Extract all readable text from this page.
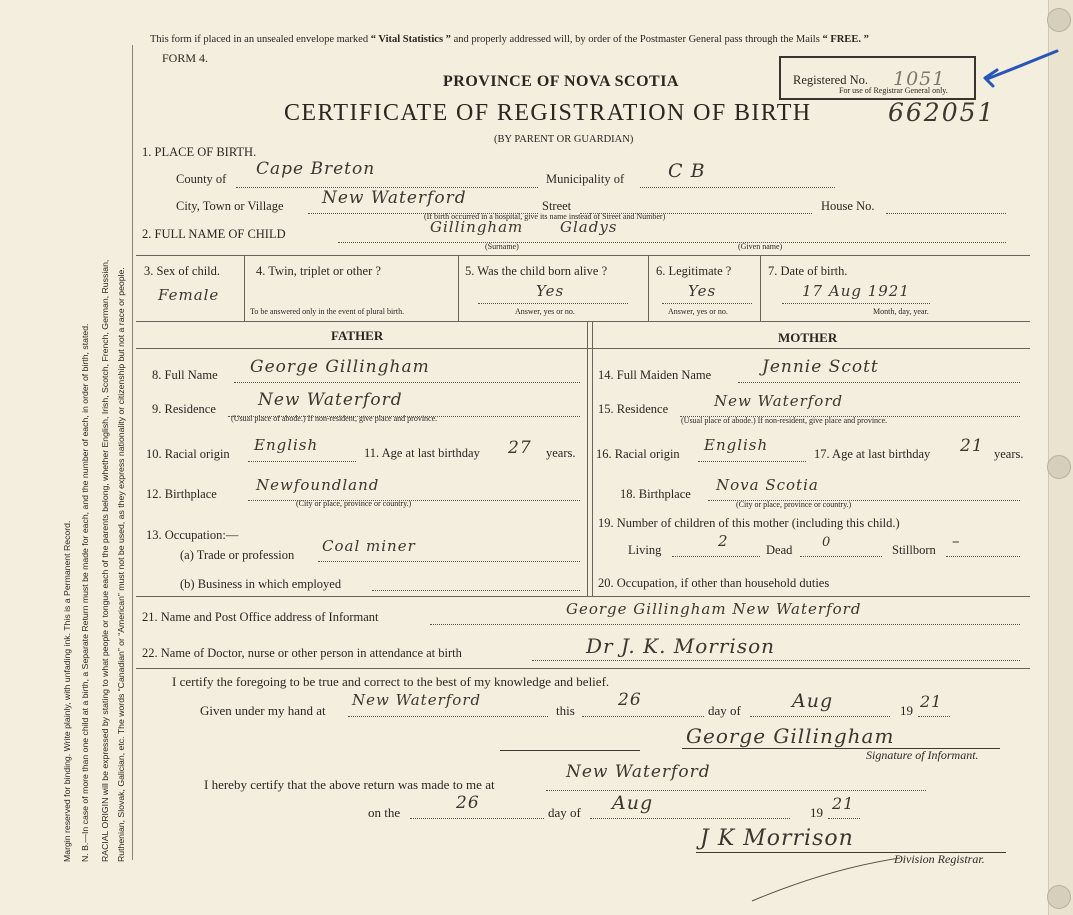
Margin reserved for binding. Write plainly, with unfading ink. This is a Permanent Record. N. B.—In case of more than one child at a birth, a Separate Return must be made for each, and the number of each, in order of birth, stated. RACIAL ORIGIN will be expressed by stating to what people or tongue each of the parents belong, whether English, Irish, Scotch, French, German, Russian, Ruthenian, Slovak, Galician, etc. The words “Canadian” or “American” must not be used, as they express nationality or citizenship but not a race or people.
This form if placed in an unsealed envelope marked “ Vital Statistics ” and properly addressed will, by order of the Postmaster General pass through the Mails “ FREE. ”
FORM 4.
Registered No. 1051
For use of Registrar General only.
PROVINCE OF NOVA SCOTIA
CERTIFICATE OF REGISTRATION OF BIRTH	662051
(BY PARENT OR GUARDIAN)
1. PLACE OF BIRTH.
County of Cape Breton	Municipality of C B
City, Town or Village New Waterford	Street	House No.
(If birth occurred in a hospital, give its name instead of Street and Number)
2. FULL NAME OF CHILD	Gillingham Gladys
(Surname)	(Given name)
3. Sex of child.
Female
4. Twin, triplet or other ?
To be answered only in the event of plural birth.
5. Was the child born alive ?
Yes
Answer, yes or no.
6. Legitimate ?
Yes
Answer, yes or no.
7. Date of birth.
17 Aug 1921
Month, day, year.
FATHER	MOTHER
8. Full Name George Gillingham
9. Residence New Waterford
(Usual place of abode.) If non-resident, give place and province.
10. Racial origin English	11. Age at last birthday 27 years.
12. Birthplace	Newfoundland
(City or place, province or country.)
13. Occupation:—
(a) Trade or profession Coal miner
(b) Business in which employed
14. Full Maiden Name	Jennie Scott
15. Residence	New Waterford
(Usual place of abode.) If non-resident, give place and province.
16. Racial origin English	17. Age at last birthday 21 years.
18. Birthplace Nova Scotia
(City or place, province or country.)
19. Number of children of this mother (including this child.)
Living	2	Dead 0	Stillborn –
20. Occupation, if other than household duties
21. Name and Post Office address of Informant	George Gillingham New Waterford
22. Name of Doctor, nurse or other person in attendance at birth	Dr J. K. Morrison
I certify the foregoing to be true and correct to the best of my knowledge and belief.
Given under my hand at
New Waterford
this
26
day of	Aug	19 21
George Gillingham
Signature of Informant.
I hereby certify that the above return was made to me at
New Waterford
on the	26	day of Aug	19 21
J K Morrison
Division Registrar.
